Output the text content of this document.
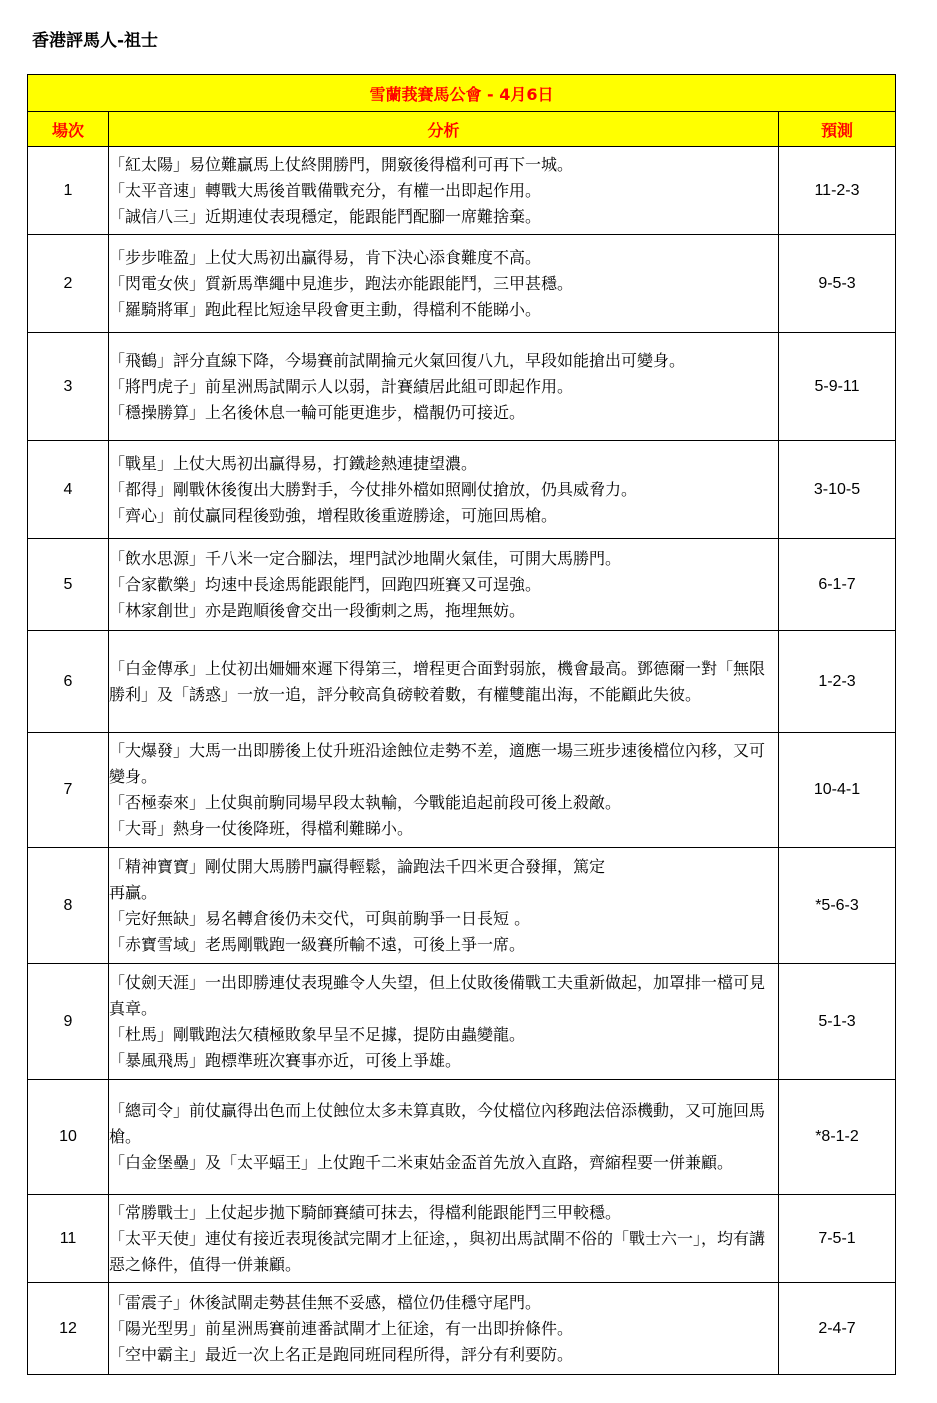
香港評馬人-祖士
雪蘭莪賽馬公會 - 4月6日		
場次	分析	預測
1	「紅太陽」易位難贏馬上仗終開勝門，開竅後得檔利可再下一城。
「太平音速」轉戰大馬後首戰備戰充分，有權一出即起作用。
「誠信八三」近期連仗表現穩定，能跟能鬥配腳一席難捨棄。	11-2-3
2	「步步唯盈」上仗大馬初出贏得易，肯下決心添食難度不高。
「閃電女俠」質新馬準繩中見進步，跑法亦能跟能鬥，三甲甚穩。
「羅騎將軍」跑此程比短途早段會更主動，得檔利不能睇小。	9-5-3
3	「飛鶴」評分直線下降，今場賽前試閘掄元火氣回復八九，早段如能搶出可變身。
「將門虎子」前星洲馬試閘示人以弱，計賽績居此組可即起作用。
「穩操勝算」上名後休息一輪可能更進步，檔靚仍可接近。	5-9-11
4	「戰星」上仗大馬初出贏得易，打鐵趁熱連捷望濃。
「都得」剛戰休後復出大勝對手，今仗排外檔如照剛仗搶放，仍具威脅力。
「齊心」前仗贏同程後勁強，增程敗後重遊勝途，可施回馬槍。	3-10-5
5	「飲水思源」千八米一定合腳法，埋門試沙地閘火氣佳，可開大馬勝門。
「合家歡樂」均速中長途馬能跟能鬥，回跑四班賽又可逞強。
「林家創世」亦是跑順後會交出一段衝刺之馬，拖埋無妨。	6-1-7
6	「白金傳承」上仗初出姍姍來遲下得第三，增程更合面對弱旅，機會最高。鄧德爾一對「無限勝利」及「誘惑」一放一追，評分較高負磅較着數，有權雙龍出海，不能顧此失彼。	1-2-3
7	「大爆發」大馬一出即勝後上仗升班沿途蝕位走勢不差，適應一場三班步速後檔位內移，又可變身。
「否極泰來」上仗與前駒同場早段太執輸，今戰能追起前段可後上殺敵。
「大哥」熱身一仗後降班，得檔利難睇小。	10-4-1
8	「精神寶寶」剛仗開大馬勝門贏得輕鬆，論跑法千四米更合發揮，篤定
再贏。
「完好無缺」易名轉倉後仍未交代，可與前駒爭一日長短 。
「赤寶雪域」老馬剛戰跑一級賽所輸不遠，可後上爭一席。	*5-6-3
9	「仗劍天涯」一出即勝連仗表現雖令人失望，但上仗敗後備戰工夫重新做起，加罩排一檔可見真章。
「杜馬」剛戰跑法欠積極敗象早呈不足據，提防由蟲變龍。
「暴風飛馬」跑標準班次賽事亦近，可後上爭雄。	5-1-3
10	「總司令」前仗贏得出色而上仗蝕位太多未算真敗，今仗檔位內移跑法倍添機動，又可施回馬槍。
「白金堡壘」及「太平蝠王」上仗跑千二米東姑金盃首先放入直路，齊縮程要一併兼顧。	*8-1-2
11	「常勝戰士」上仗起步拋下騎師賽績可抹去，得檔利能跟能鬥三甲較穩。
「太平天使」連仗有接近表現後試完閘才上征途，，與初出馬試閘不俗的「戰士六一」，均有講惡之條件，值得一併兼顧。	7-5-1
12	「雷震子」休後試閘走勢甚佳無不妥感，檔位仍佳穩守尾門。
「陽光型男」前星洲馬賽前連番試閘才上征途，有一出即拚條件。
「空中霸主」最近一次上名正是跑同班同程所得，評分有利要防。	2-4-7
